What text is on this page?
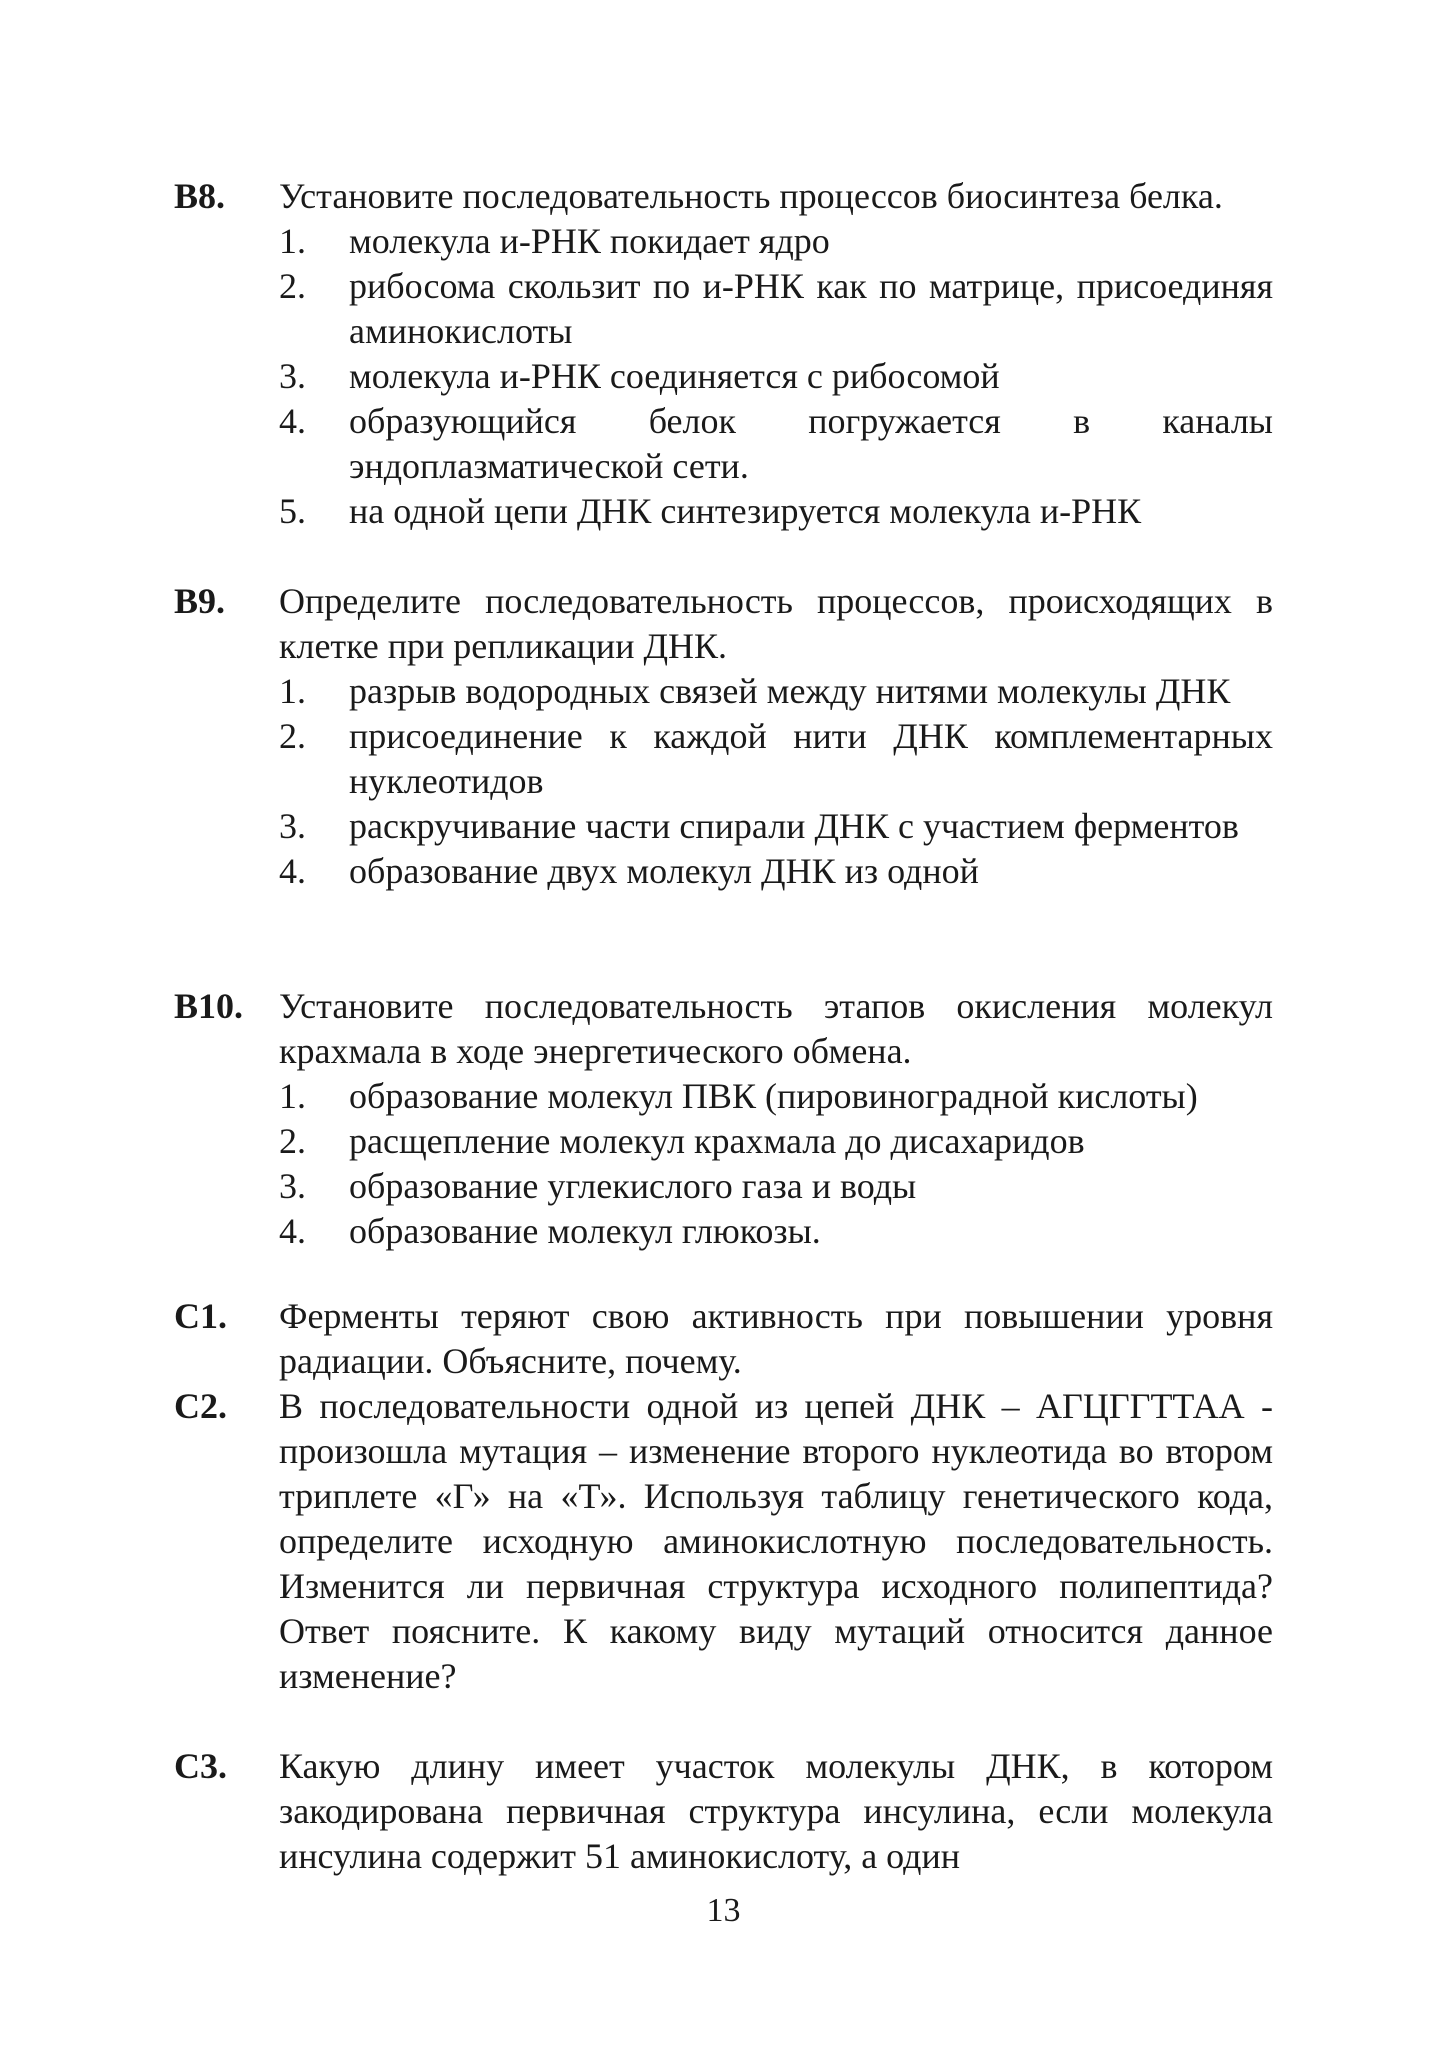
В8. Установите последовательность процессов биосинтеза белка.
1. молекула и-РНК покидает ядро
2. рибосома скользит по и-РНК как по матрице, присоединяя аминокислоты
3. молекула и-РНК соединяется с рибосомой
4. образующийся белок погружается в каналы эндоплазматической сети.
5. на одной цепи ДНК синтезируется молекула и-РНК
В9. Определите последовательность процессов, происходящих в клетке при репликации ДНК.
1. разрыв водородных связей между нитями молекулы ДНК
2. присоединение к каждой нити ДНК комплементарных нуклеотидов
3. раскручивание части спирали ДНК с участием ферментов
4. образование двух молекул ДНК из одной
В10. Установите последовательность этапов окисления молекул крахмала в ходе энергетического обмена.
1. образование молекул ПВК (пировиноградной кислоты)
2. расщепление молекул крахмала до дисахаридов
3. образование углекислого газа и воды
4. образование молекул глюкозы.
С1. Ферменты теряют свою активность при повышении уровня радиации. Объясните, почему.
С2. В последовательности одной из цепей ДНК – АГЦГГТТАА - произошла мутация – изменение второго нуклеотида во втором триплете «Г» на «Т». Используя таблицу генетического кода, определите исходную аминокислотную последовательность. Изменится ли первичная структура исходного полипептида? Ответ поясните. К какому виду мутаций относится данное изменение?
С3. Какую длину имеет участок молекулы ДНК, в котором закодирована первичная структура инсулина, если молекула инсулина содержит 51 аминокислоту, а один
13
